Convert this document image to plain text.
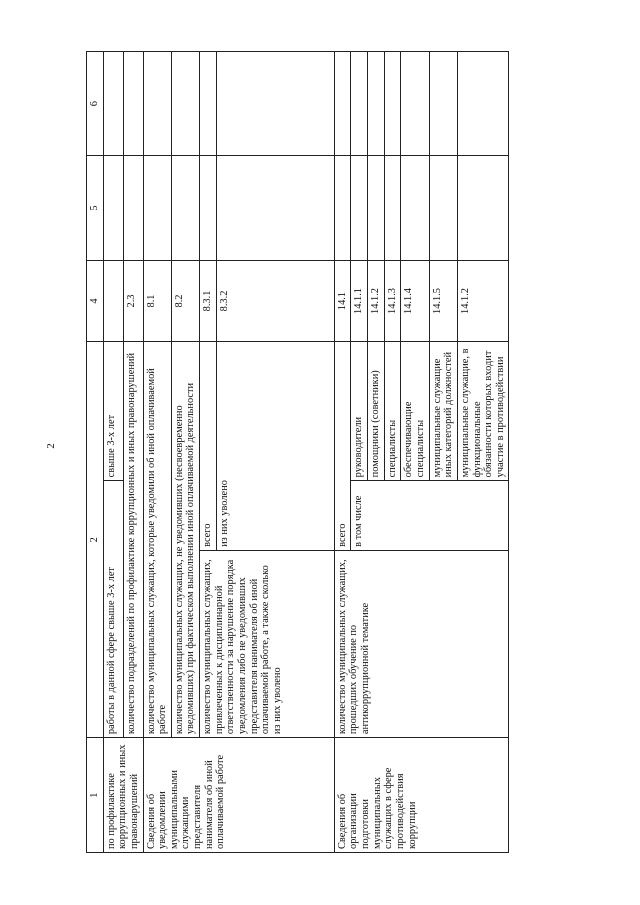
2
1	2			4	5	6
по профилактике коррупционных и иных правонарушений	работы в данной сфере свыше 3-х лет		свыше 3-х лет			
	количество подразделений по профилактике коррупционных и иных правонарушений			2.3		
Сведения об уведомлении муниципальными служащими представителя нанимателя об иной оплачиваемой работе	количество муниципальных служащих, которые уведомили об иной оплачиваемой работе			8.1		
	количество муниципальных служащих, не уведомивших (несвоевременно уведомивших) при фактическом выполнении иной оплачиваемой деятельности			8.2		
	количество муниципальных служащих, привлеченных к дисциплинарной ответственности за нарушение порядка уведомления либо не уведомивших представителя нанимателя об иной оплачиваемой работе, а также сколько из них уволено	всего		8.3.1		
		из них уволено		8.3.2		
Сведения об организации подготовки муниципальных служащих в сфере противодействия коррупции	количество муниципальных служащих, прошедших обучение по антикоррупционной тематике	всего		14.1		
		в том числе	руководители	14.1.1		
			помощники (советники)	14.1.2		
			специалисты	14.1.3		
			обеспечивающие специалисты	14.1.4		
			муниципальные служащие иных категорий должностей	14.1.5		
			муниципальные служащие, в функциональные обязанности которых входит участие в противодействии	14.1.2		
